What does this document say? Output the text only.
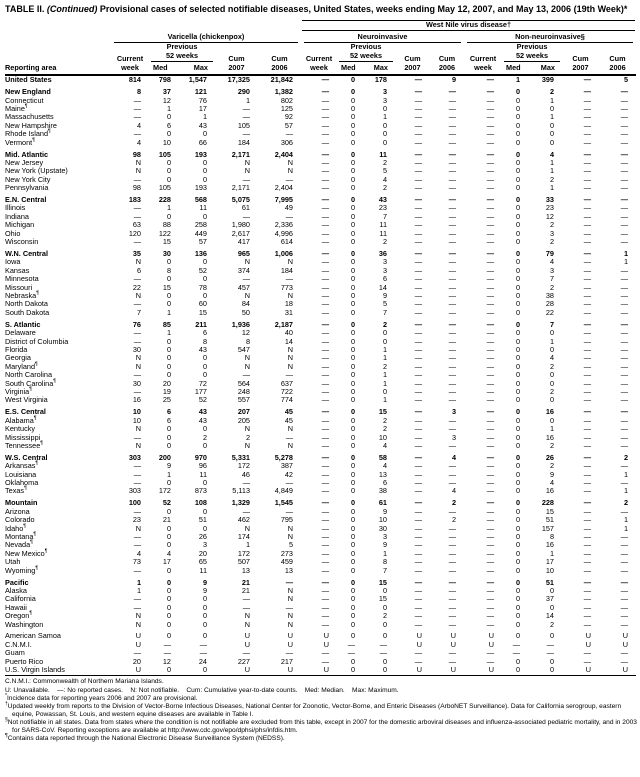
TABLE II. (Continued) Provisional cases of selected notifiable diseases, United States, weeks ending May 12, 2007, and May 13, 2006 (19th Week)*
Reporting area						West Nile virus disease†									

	Varicella (chickenpox)					Neuroinvasive					Non-neuroinvasive§				

Current
week

Previous
52 weeks	Cum
2007

Cum
2006

Current
week

Previous
52 weeks	Cum
2007

Cum
2006

Current
week

Previous
52 weeks	Cum
2007

Cum
2006

		Med	Max				Med	Max				Med	Max		
United States	814	798	1,547	17,325	21,842	—	0	178	—	9	—	1	399	—	5
New England	8	37	121	290	1,382	—	0	3	—	—	—	0	2	—	—
Connecticut	—	12	76	1	802	—	0	3	—	—	—	0	1	—	—
Maine¶	—	1	17	—	125	—	0	0	—	—	—	0	0	—	—
Massachusetts	—	0	1	—	92	—	0	1	—	—	—	0	1	—	—
New Hampshire	4	6	43	105	57	—	0	0	—	—	—	0	0	—	—
Rhode Island¶	—	0	0	—	—	—	0	0	—	—	—	0	0	—	—
Vermont¶	4	10	66	184	306	—	0	0	—	—	—	0	0	—	—
Mid. Atlantic	98	105	193	2,171	2,404	—	0	11	—	—	—	0	4	—	—
New Jersey	N	0	0	N	N	—	0	2	—	—	—	0	1	—	—
New York (Upstate)	N	0	0	N	N	—	0	5	—	—	—	0	1	—	—
New York City	—	0	0	—	—	—	0	4	—	—	—	0	2	—	—
Pennsylvania	98	105	193	2,171	2,404	—	0	2	—	—	—	0	1	—	—
E.N. Central	183	228	568	5,075	7,995	—	0	43	—	—	—	0	33	—	—
Illinois	—	1	11	61	49	—	0	23	—	—	—	0	23	—	—
Indiana	—	0	0	—	—	—	0	7	—	—	—	0	12	—	—
Michigan	63	88	258	1,980	2,336	—	0	11	—	—	—	0	2	—	—
Ohio	120	122	449	2,617	4,996	—	0	11	—	—	—	0	3	—	—
Wisconsin	—	15	57	417	614	—	0	2	—	—	—	0	2	—	—
W.N. Central	35	30	136	965	1,006	—	0	36	—	—	—	0	79	—	1
Iowa	N	0	0	N	N	—	0	3	—	—	—	0	4	—	1
Kansas	6	8	52	374	184	—	0	3	—	—	—	0	3	—	—
Minnesota	—	0	0	—	—	—	0	6	—	—	—	0	7	—	—
Missouri	22	15	78	457	773	—	0	14	—	—	—	0	2	—	—
Nebraska¶	N	0	0	N	N	—	0	9	—	—	—	0	38	—	—
North Dakota	—	0	60	84	18	—	0	5	—	—	—	0	28	—	—
South Dakota	7	1	15	50	31	—	0	7	—	—	—	0	22	—	—
S. Atlantic	76	85	211	1,936	2,187	—	0	2	—	—	—	0	7	—	—
Delaware	—	1	6	12	40	—	0	0	—	—	—	0	0	—	—
District of Columbia	—	0	8	8	14	—	0	0	—	—	—	0	1	—	—
Florida	30	0	43	547	N	—	0	1	—	—	—	0	0	—	—
Georgia	N	0	0	N	N	—	0	1	—	—	—	0	4	—	—
Maryland¶	N	0	0	N	N	—	0	2	—	—	—	0	2	—	—
North Carolina	—	0	0	—	—	—	0	1	—	—	—	0	0	—	—
South Carolina¶	30	20	72	564	637	—	0	1	—	—	—	0	0	—	—
Virginia¶	—	19	177	248	722	—	0	0	—	—	—	0	2	—	—
West Virginia	16	25	52	557	774	—	0	1	—	—	—	0	0	—	—
E.S. Central	10	6	43	207	45	—	0	15	—	3	—	0	16	—	—
Alabama¶	10	6	43	205	45	—	0	2	—	—	—	0	0	—	—
Kentucky	N	0	0	N	N	—	0	2	—	—	—	0	1	—	—
Mississippi	—	0	2	2	—	—	0	10	—	3	—	0	16	—	—
Tennessee¶	N	0	0	N	N	—	0	4	—	—	—	0	2	—	—
W.S. Central	303	200	970	5,331	5,278	—	0	58	—	4	—	0	26	—	2
Arkansas¶	—	9	96	172	387	—	0	4	—	—	—	0	2	—	—
Louisiana	—	1	11	46	42	—	0	13	—	—	—	0	9	—	1
Oklahoma	—	0	0	—	—	—	0	6	—	—	—	0	4	—	—
Texas¶	303	172	873	5,113	4,849	—	0	38	—	4	—	0	16	—	1
Mountain	100	52	108	1,329	1,545	—	0	61	—	2	—	0	228	—	2
Arizona	—	0	0	—	—	—	0	9	—	—	—	0	15	—	—
Colorado	23	21	51	462	795	—	0	10	—	2	—	0	51	—	1
Idaho¶	N	0	0	N	N	—	0	30	—	—	—	0	157	—	1
Montana¶	—	0	26	174	N	—	0	3	—	—	—	0	8	—	—
Nevada¶	—	0	3	1	5	—	0	9	—	—	—	0	16	—	—
New Mexico¶	4	4	20	172	273	—	0	1	—	—	—	0	1	—	—
Utah	73	17	65	507	459	—	0	8	—	—	—	0	17	—	—
Wyoming¶	—	0	11	13	13	—	0	7	—	—	—	0	10	—	—
Pacific	1	0	9	21	—	—	0	15	—	—	—	0	51	—	—
Alaska	1	0	9	21	N	—	0	0	—	—	—	0	0	—	—
California	—	0	0	—	N	—	0	15	—	—	—	0	37	—	—
Hawaii	—	0	0	—	—	—	0	0	—	—	—	0	0	—	—
Oregon¶	N	0	0	N	N	—	0	2	—	—	—	0	14	—	—
Washington	N	0	0	N	N	—	0	0	—	—	—	0	2	—	—
American Samoa	U	0	0	U	U	U	0	0	U	U	U	0	0	U	U
C.N.M.I.	U	—	—	U	U	U	—	—	U	U	U	—	—	U	U
Guam	—	—	—	—	—	—	—	—	—	—	—	—	—	—	—
Puerto Rico	20	12	24	227	217	—	0	0	—	—	—	0	0	—	—
U.S. Virgin Islands	U	0	0	U	U	U	0	0	U	U	U	0	0	U	U
C.N.M.I.: Commonwealth of Northern Mariana Islands.
U: Unavailable.    —: No reported cases.    N: Not notifiable.    Cum: Cumulative year-to-date counts.    Med: Median.    Max: Maximum.
*Incidence data for reporting years 2006 and 2007 are provisional.
†Updated weekly from reports to the Division of Vector-Borne Infectious Diseases, National Center for Zoonotic, Vector-Borne, and Enteric Diseases (ArboNET Surveillance). Data for California serogroup, eastern equine, Powassan, St. Louis, and western equine diseases are available in Table I.
§Not notifiable in all states. Data from states where the condition is not notifiable are excluded from this table, except in 2007 for the domestic arboviral diseases and influenza-associated pediatric mortality, and in 2003 for SARS-CoV. Reporting exceptions are available at http://www.cdc.gov/epo/dphsi/phs/infdis.htm.
¶Contains data reported through the National Electronic Disease Surveillance System (NEDSS).
